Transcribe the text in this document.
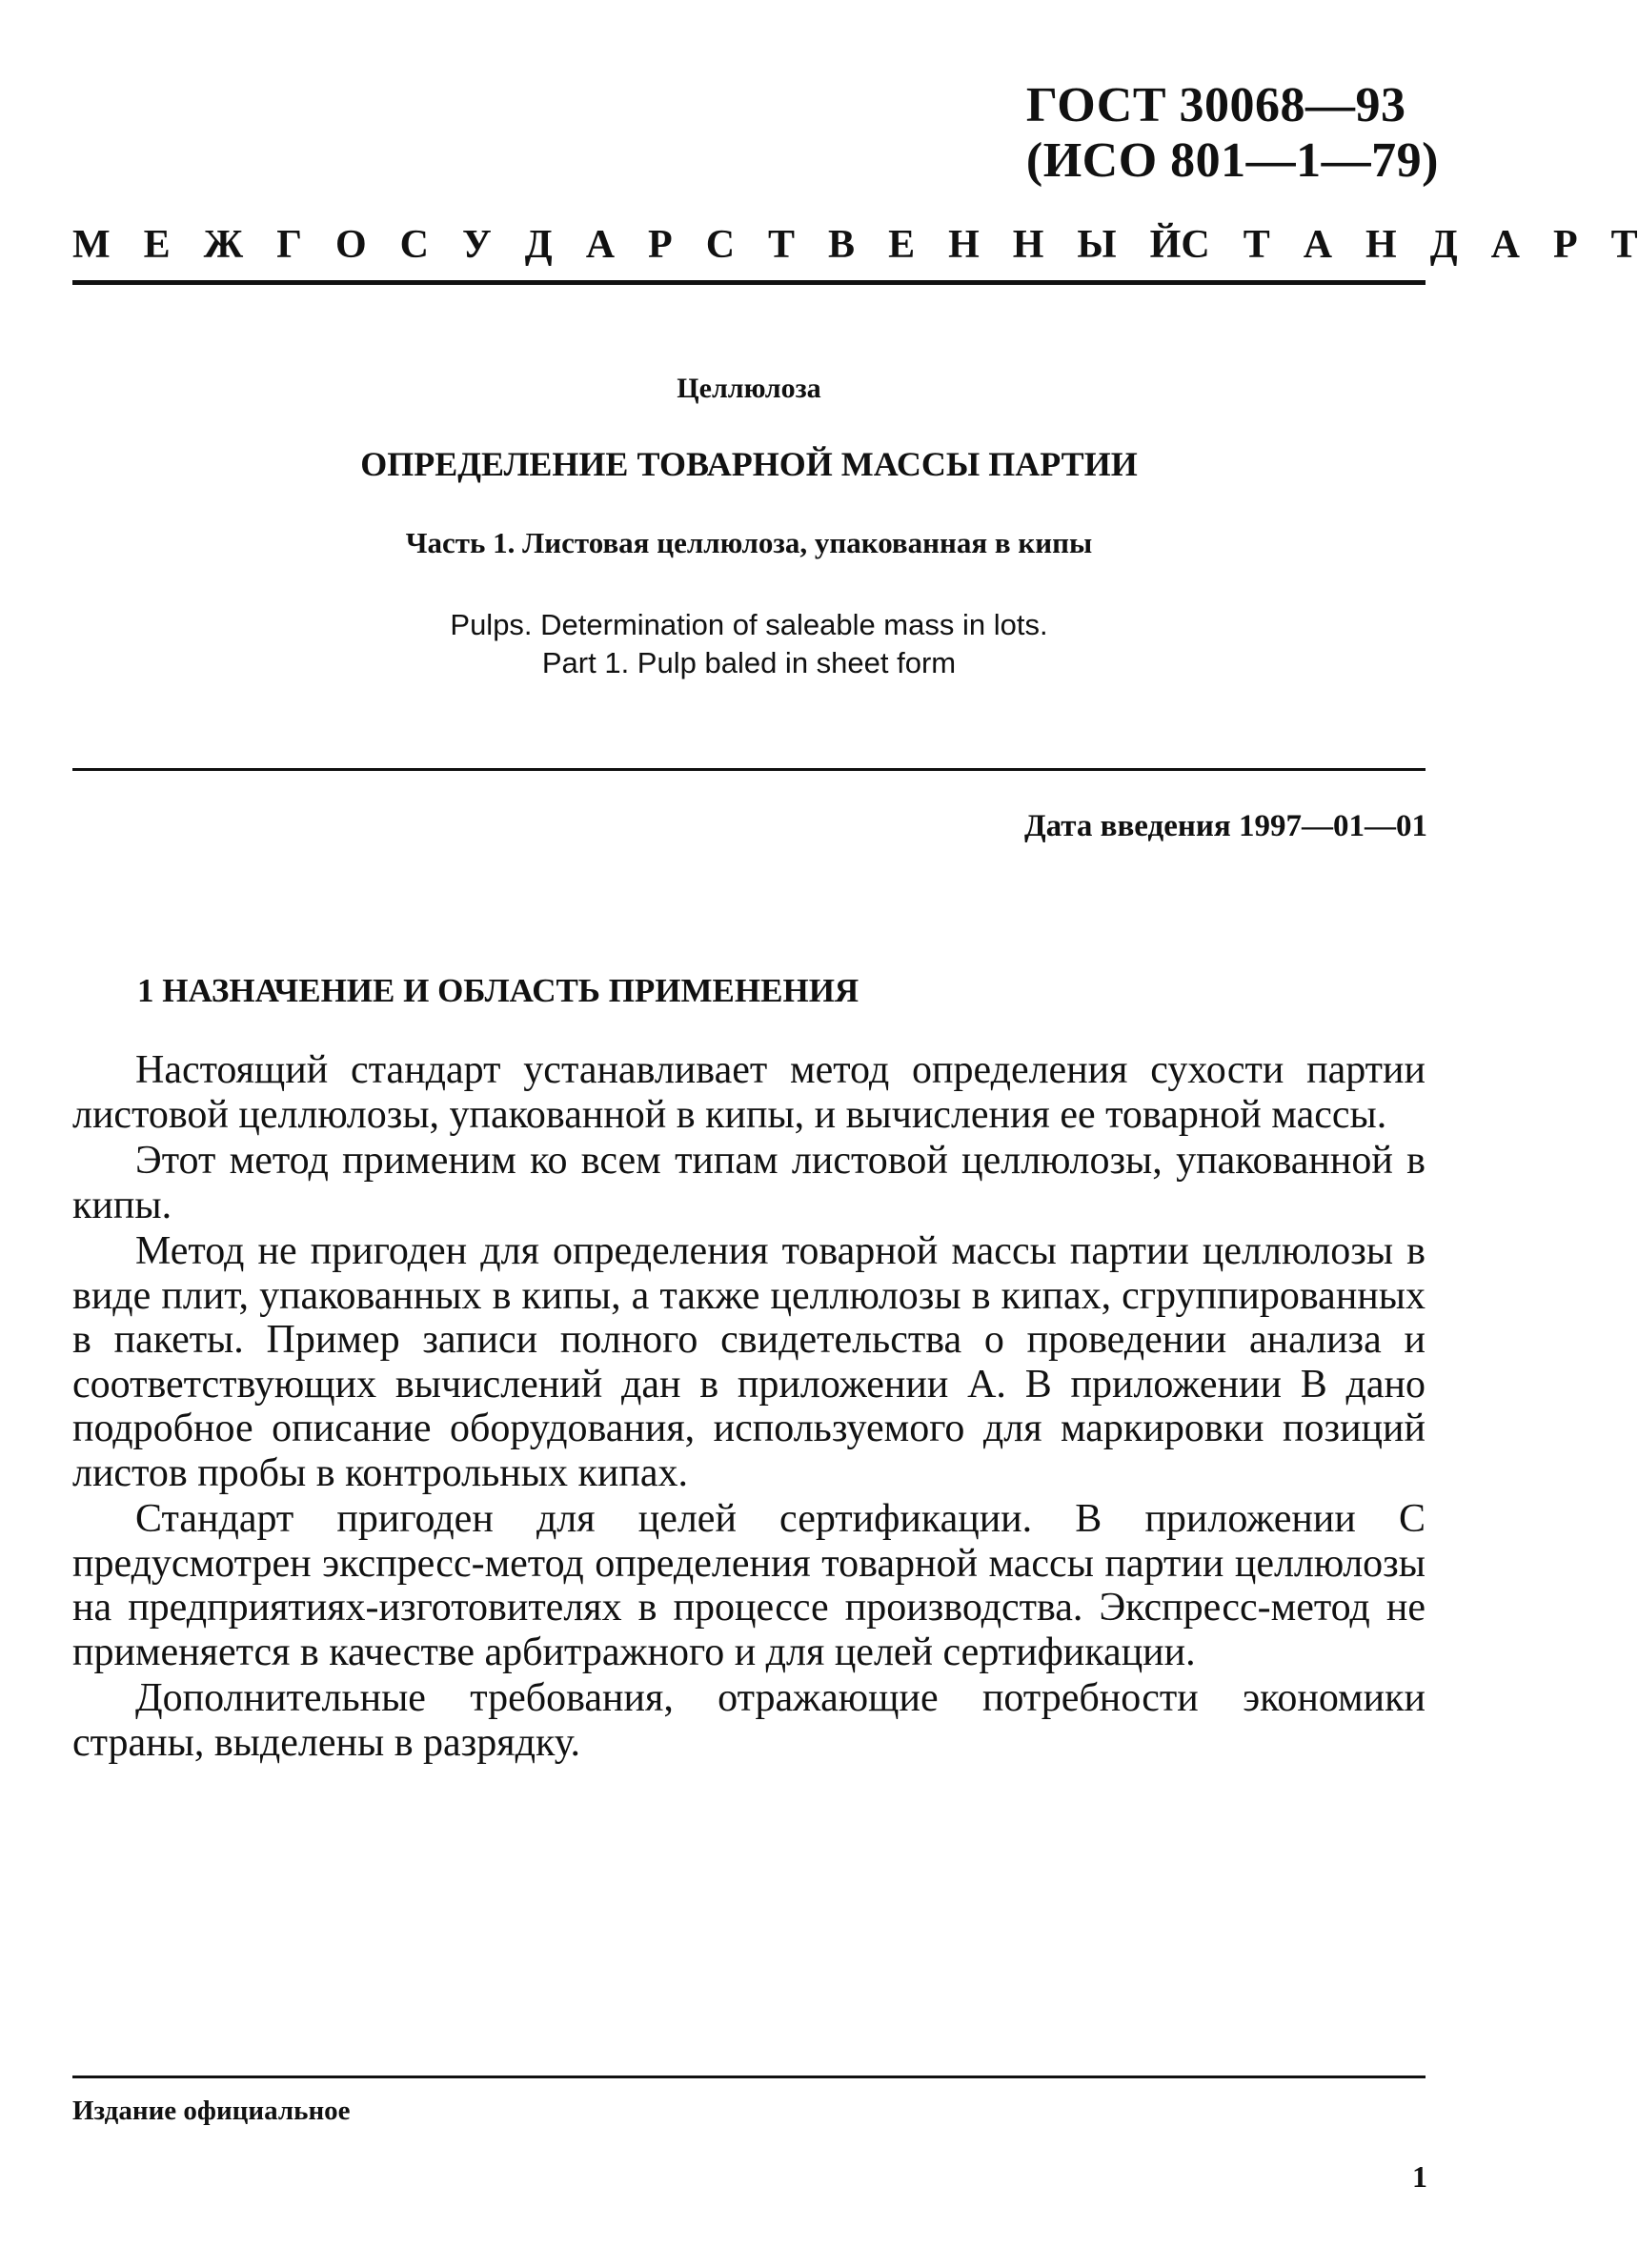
ГОСТ 30068—93
(ИСО 801—1—79)
М Е Ж Г О С У Д А Р С Т В Е Н Н Ы Й С Т А Н Д А Р Т
Целлюлоза
ОПРЕДЕЛЕНИЕ ТОВАРНОЙ МАССЫ ПАРТИИ
Часть 1. Листовая целлюлоза, упакованная в кипы
Pulps. Determination of saleable mass in lots.
Part 1. Pulp baled in sheet form
Дата введения 1997—01—01
1 НАЗНАЧЕНИЕ И ОБЛАСТЬ ПРИМЕНЕНИЯ

Настоящий стандарт устанавливает метод определения сухости партии листовой целлюлозы, упакованной в кипы, и вычисления ее товарной массы.

Этот метод применим ко всем типам листовой целлюлозы, упакованной в кипы.

Метод не пригоден для определения товарной массы партии целлюлозы в виде плит, упакованных в кипы, а также целлюлозы в кипах, сгруппированных в пакеты. Пример записи полного свидетельства о проведении анализа и соответствующих вычислений дан в приложении А. В приложении В дано подробное описание оборудования, используемого для маркировки позиций листов пробы в контрольных кипах.

Стандарт пригоден для целей сертификации. В приложении С предусмотрен экспресс-метод определения товарной массы партии целлюлозы на предприятиях-изготовителях в процессе производства. Экспресс-метод не применяется в качестве арбитражного и для целей сертификации.

Дополнительные требования, отражающие потребности экономики страны, выделены в разрядку.

Издание официальное
1
